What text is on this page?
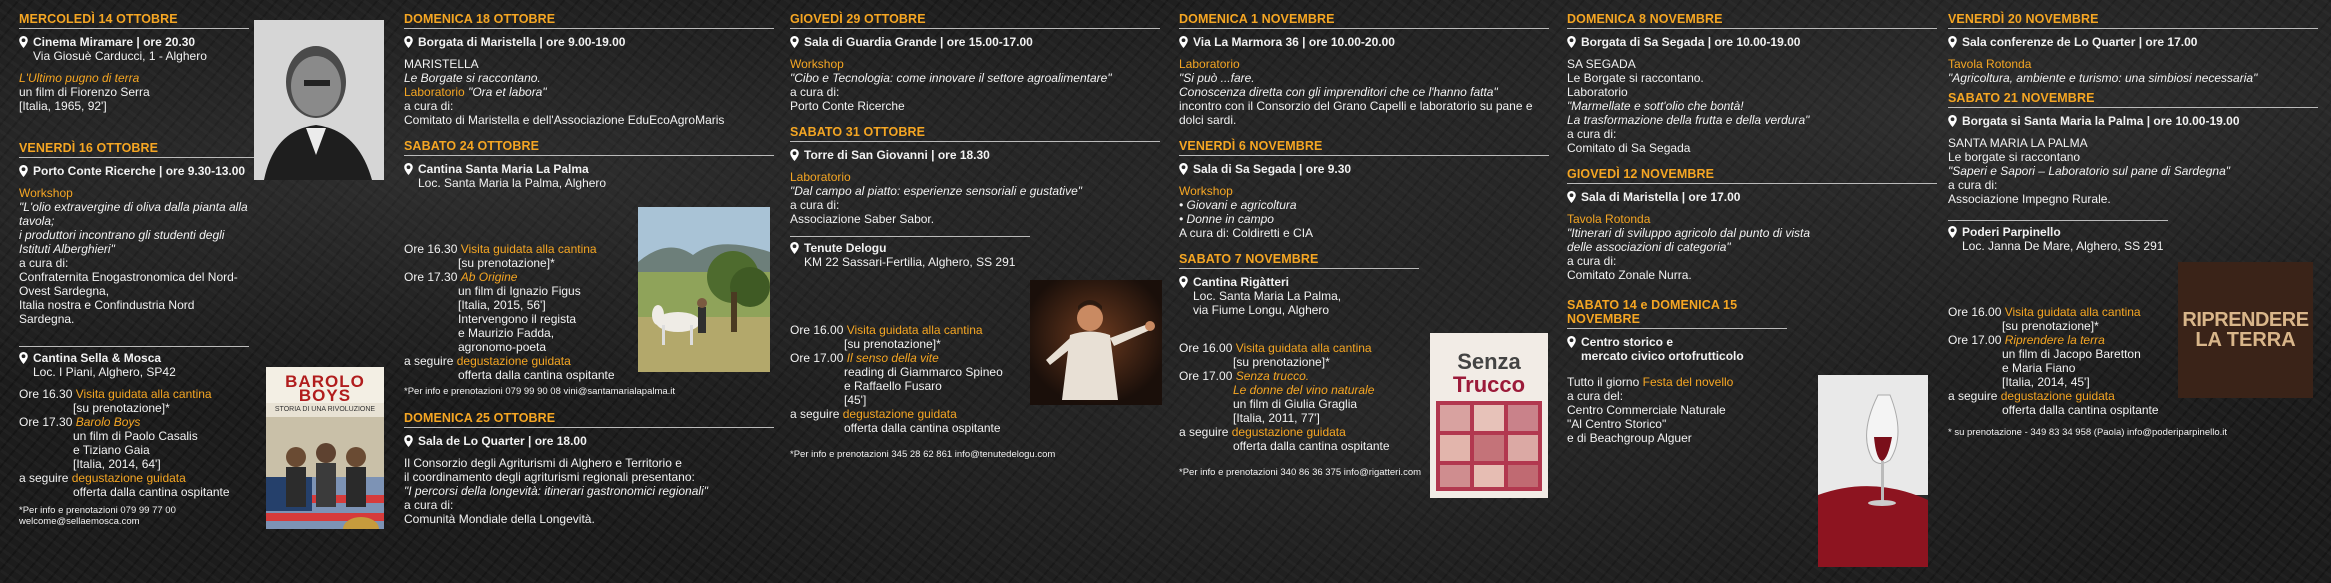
MERCOLEDÌ 14 OTTOBRE
Cinema Miramare | ore 20.30
Via Giosuè Carducci, 1 - Alghero
L'Ultimo pugno di terra
un film di Fiorenzo Serra
[Italia, 1965, 92']
VENERDÌ 16 OTTOBRE
Porto Conte Ricerche | ore 9.30-13.00
Workshop
"L'olio extravergine di oliva dalla pianta alla tavola;
i produttori incontrano gli studenti degli Istituti Alberghieri"
a cura di:
Confraternita Enogastronomica del Nord-Ovest Sardegna,
Italia nostra e Confindustria Nord Sardegna.
Cantina Sella & Mosca
Loc. I Piani, Alghero, SP42
Ore 16.30 Visita guidata alla cantina
[su prenotazione]*
Ore 17.30 Barolo Boys
un film di Paolo Casalis
e Tiziano Gaia
[Italia, 2014, 64']
a seguire degustazione guidata
offerta dalla cantina ospitante
*Per info e prenotazioni 079 99 77 00 welcome@sellaemosca.com
BAROLO BOYS
STORIA DI UNA RIVOLUZIONE
DOMENICA 18 OTTOBRE
Borgata di Maristella | ore 9.00-19.00
MARISTELLA
Le Borgate si raccontano.
Laboratorio "Ora et labora"
a cura di:
Comitato di Maristella e dell'Associazione EduEcoAgroMaris
SABATO 24 OTTOBRE
Cantina Santa Maria La Palma
Loc. Santa Maria la Palma, Alghero
Ore 16.30 Visita guidata alla cantina
[su prenotazione]*
Ore 17.30 Ab Origine
un film di Ignazio Figus
[Italia, 2015, 56']
Intervengono il regista
e Maurizio Fadda,
agronomo-poeta
a seguire degustazione guidata
offerta dalla cantina ospitante
*Per info e prenotazioni 079 99 90 08 vini@santamarialapalma.it
DOMENICA 25 OTTOBRE
Sala de Lo Quarter | ore 18.00
Il Consorzio degli Agriturismi di Alghero e Territorio e
il coordinamento degli agriturismi regionali presentano:
"I percorsi della longevità: itinerari gastronomici regionali"
a cura di:
Comunità Mondiale della Longevità.
GIOVEDÌ 29 OTTOBRE
Sala di Guardia Grande | ore 15.00-17.00
Workshop
"Cibo e Tecnologia: come innovare il settore agroalimentare"
a cura di:
Porto Conte Ricerche
SABATO 31 OTTOBRE
Torre di San Giovanni | ore 18.30
Laboratorio
"Dal campo al piatto: esperienze sensoriali e gustative"
a cura di:
Associazione Saber Sabor.
Tenute Delogu
KM 22 Sassari-Fertilia, Alghero, SS 291
Ore 16.00 Visita guidata alla cantina
[su prenotazione]*
Ore 17.00 Il senso della vite
reading di Giammarco Spineo
e Raffaello Fusaro
[45']
a seguire degustazione guidata
offerta dalla cantina ospitante
*Per info e prenotazioni 345 28 62 861 info@tenutedelogu.com
DOMENICA 1 NOVEMBRE
Via La Marmora 36 | ore 10.00-20.00
Laboratorio
"Si può ...fare.
Conoscenza diretta con gli imprenditori che ce l'hanno fatta"
incontro con il Consorzio del Grano Capelli e laboratorio su pane e
dolci sardi.
VENERDÌ 6 NOVEMBRE
Sala di Sa Segada | ore 9.30
Workshop
• Giovani e agricoltura
• Donne in campo
A cura di: Coldiretti e CIA
SABATO 7 NOVEMBRE
Cantina Rigàtteri
Loc. Santa Maria La Palma,
via Fiume Longu, Alghero
Ore 16.00 Visita guidata alla cantina
[su prenotazione]*
Ore 17.00 Senza trucco.
Le donne del vino naturale
un film di Giulia Graglia
[Italia, 2011, 77']
a seguire degustazione guidata
offerta dalla cantina ospitante
*Per info e prenotazioni 340 86 36 375 info@rigatteri.com
Senza
Trucco
DOMENICA 8 NOVEMBRE
Borgata di Sa Segada | ore 10.00-19.00
SA SEGADA
Le Borgate si raccontano.
Laboratorio
"Marmellate e sott'olio che bontà!
La trasformazione della frutta e della verdura"
a cura di:
Comitato di Sa Segada
GIOVEDÌ 12 NOVEMBRE
Sala di Maristella | ore 17.00
Tavola Rotonda
"Itinerari di sviluppo agricolo dal punto di vista
delle associazioni di categoria"
a cura di:
Comitato Zonale Nurra.
SABATO 14 e DOMENICA 15
NOVEMBRE
Centro storico e
mercato civico ortofrutticolo
Tutto il giorno Festa del novello
a cura del:
Centro Commerciale Naturale
"Al Centro Storico"
e di Beachgroup Alguer
VENERDÌ 20 NOVEMBRE
Sala conferenze de Lo Quarter | ore 17.00
Tavola Rotonda
"Agricoltura, ambiente e turismo: una simbiosi necessaria"
SABATO 21 NOVEMBRE
Borgata si Santa Maria la Palma | ore 10.00-19.00
SANTA MARIA LA PALMA
Le borgate si raccontano
"Saperi e Sapori – Laboratorio sul pane di Sardegna"
a cura di:
Associazione Impegno Rurale.
Poderi Parpinello
Loc. Janna De Mare, Alghero, SS 291
Ore 16.00 Visita guidata alla cantina
[su prenotazione]*
Ore 17.00 Riprendere la terra
un film di Jacopo Baretton
e Maria Fiano
[Italia, 2014, 45']
a seguire degustazione guidata
offerta dalla cantina ospitante
* su prenotazione - 349 83 34 958 (Paola) info@poderiparpinello.it
RIPRENDERE
LA TERRA
